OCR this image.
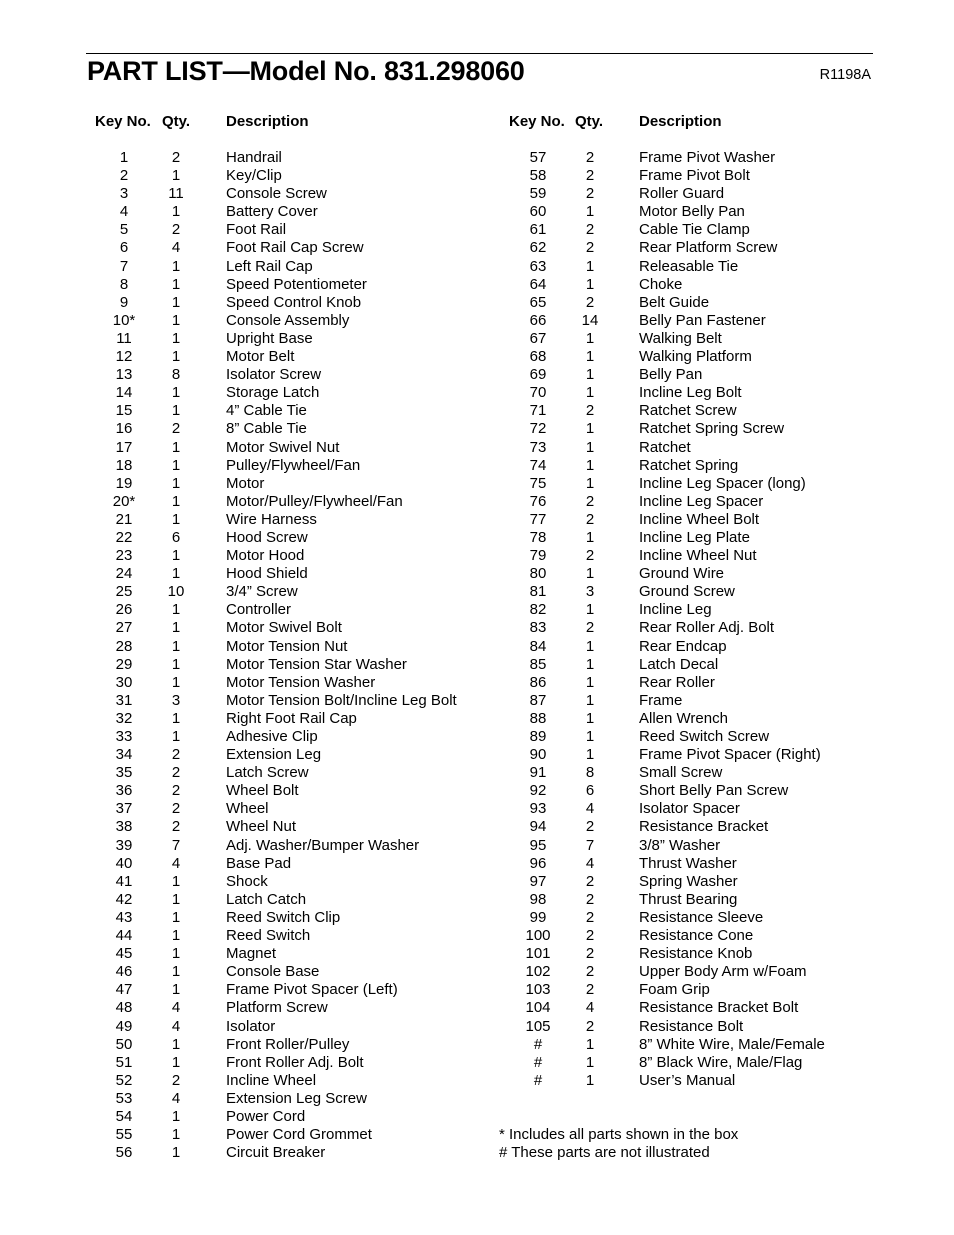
PART LIST—Model No. 831.298060	R1198A
Key No. Qty. Description	Key No. Qty. Description
1	2	Handrail
2	1	Key/Clip
3	11	Console Screw
4	1	Battery Cover
5	2	Foot Rail
6	4	Foot Rail Cap Screw
7	1	Left Rail Cap
8	1	Speed Potentiometer
9	1	Speed Control Knob
10*	1	Console Assembly
11	1	Upright Base
12	1	Motor Belt
13	8	Isolator Screw
14	1	Storage Latch
15	1	4” Cable Tie
16	2	8” Cable Tie
17	1	Motor Swivel Nut
18	1	Pulley/Flywheel/Fan
19	1	Motor
20*	1	Motor/Pulley/Flywheel/Fan
21	1	Wire Harness
22	6	Hood Screw
23	1	Motor Hood
24	1	Hood Shield
25	10	3/4” Screw
26	1	Controller
27	1	Motor Swivel Bolt
28	1	Motor Tension Nut
29	1	Motor Tension Star Washer
30	1	Motor Tension Washer
31	3	Motor Tension Bolt/Incline Leg Bolt
32	1	Right Foot Rail Cap
33	1	Adhesive Clip
34	2	Extension Leg
35	2	Latch Screw
36	2	Wheel Bolt
37	2	Wheel
38	2	Wheel Nut
39	7	Adj. Washer/Bumper Washer
40	4	Base Pad
41	1	Shock
42	1	Latch Catch
43	1	Reed Switch Clip
44	1	Reed Switch
45	1	Magnet
46	1	Console Base
47	1	Frame Pivot Spacer (Left)
48	4	Platform Screw
49	4	Isolator
50	1	Front Roller/Pulley
51	1	Front Roller Adj. Bolt
52	2	Incline Wheel
53	4	Extension Leg Screw
54	1	Power Cord
55	1	Power Cord Grommet
56	1	Circuit Breaker
57	2	Frame Pivot Washer
58	2	Frame Pivot Bolt
59	2	Roller Guard
60	1	Motor Belly Pan
61	2	Cable Tie Clamp
62	2	Rear Platform Screw
63	1	Releasable Tie
64	1	Choke
65	2	Belt Guide
66	14	Belly Pan Fastener
67	1	Walking Belt
68	1	Walking Platform
69	1	Belly Pan
70	1	Incline Leg Bolt
71	2	Ratchet Screw
72	1	Ratchet Spring Screw
73	1	Ratchet
74	1	Ratchet Spring
75	1	Incline Leg Spacer (long)
76	2	Incline Leg Spacer
77	2	Incline Wheel Bolt
78	1	Incline Leg Plate
79	2	Incline Wheel Nut
80	1	Ground Wire
81	3	Ground Screw
82	1	Incline Leg
83	2	Rear Roller Adj. Bolt
84	1	Rear Endcap
85	1	Latch Decal
86	1	Rear Roller
87	1	Frame
88	1	Allen Wrench
89	1	Reed Switch Screw
90	1	Frame Pivot Spacer (Right)
91	8	Small Screw
92	6	Short Belly Pan Screw
93	4	Isolator Spacer
94	2	Resistance Bracket
95	7	3/8” Washer
96	4	Thrust Washer
97	2	Spring Washer
98	2	Thrust Bearing
99	2	Resistance Sleeve
100	2	Resistance Cone
101	2	Resistance Knob
102	2	Upper Body Arm w/Foam
103	2	Foam Grip
104	4	Resistance Bracket Bolt
105	2	Resistance Bolt
#	1	8” White Wire, Male/Female
#	1	8” Black Wire, Male/Flag
#	1	User’s Manual
* Includes all parts shown in the box
# These parts are not illustrated
